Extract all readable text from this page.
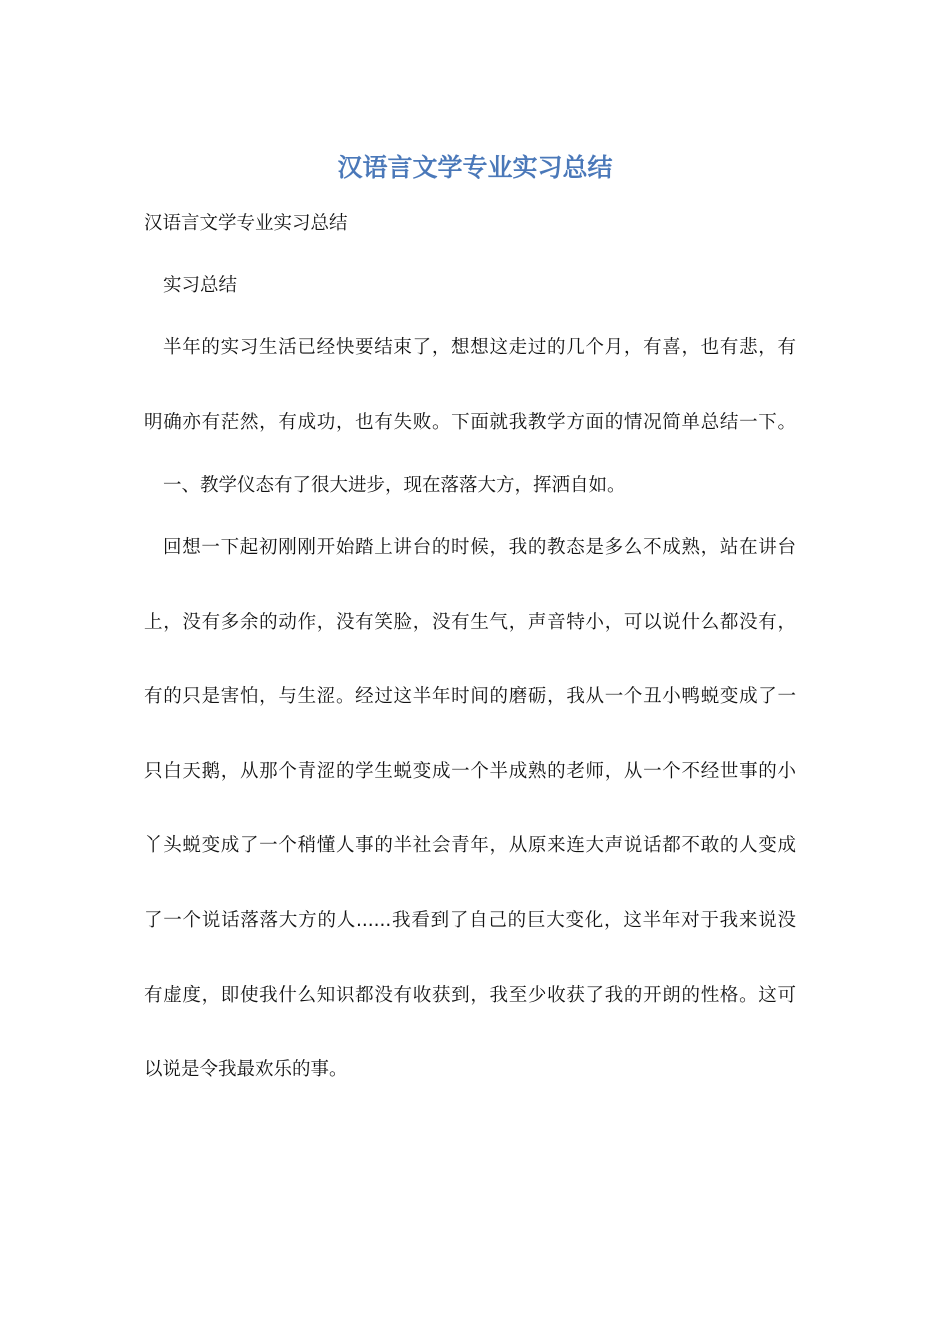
汉语言文学专业实习总结

汉语言文学专业实习总结

实习总结

半年的实习生活已经快要结束了，想想这走过的几个月，有喜，也有悲，有

明确亦有茫然，有成功，也有失败。下面就我教学方面的情况简单总结一下。

一、教学仪态有了很大进步，现在落落大方，挥洒自如。

回想一下起初刚刚开始踏上讲台的时候，我的教态是多么不成熟，站在讲台

上，没有多余的动作，没有笑脸，没有生气，声音特小，可以说什么都没有，

有的只是害怕，与生涩。经过这半年时间的磨砺，我从一个丑小鸭蜕变成了一

只白天鹅，从那个青涩的学生蜕变成一个半成熟的老师，从一个不经世事的小

丫头蜕变成了一个稍懂人事的半社会青年，从原来连大声说话都不敢的人变成

了一个说话落落大方的人......我看到了自己的巨大变化，这半年对于我来说没

有虚度，即使我什么知识都没有收获到，我至少收获了我的开朗的性格。这可

以说是令我最欢乐的事。
